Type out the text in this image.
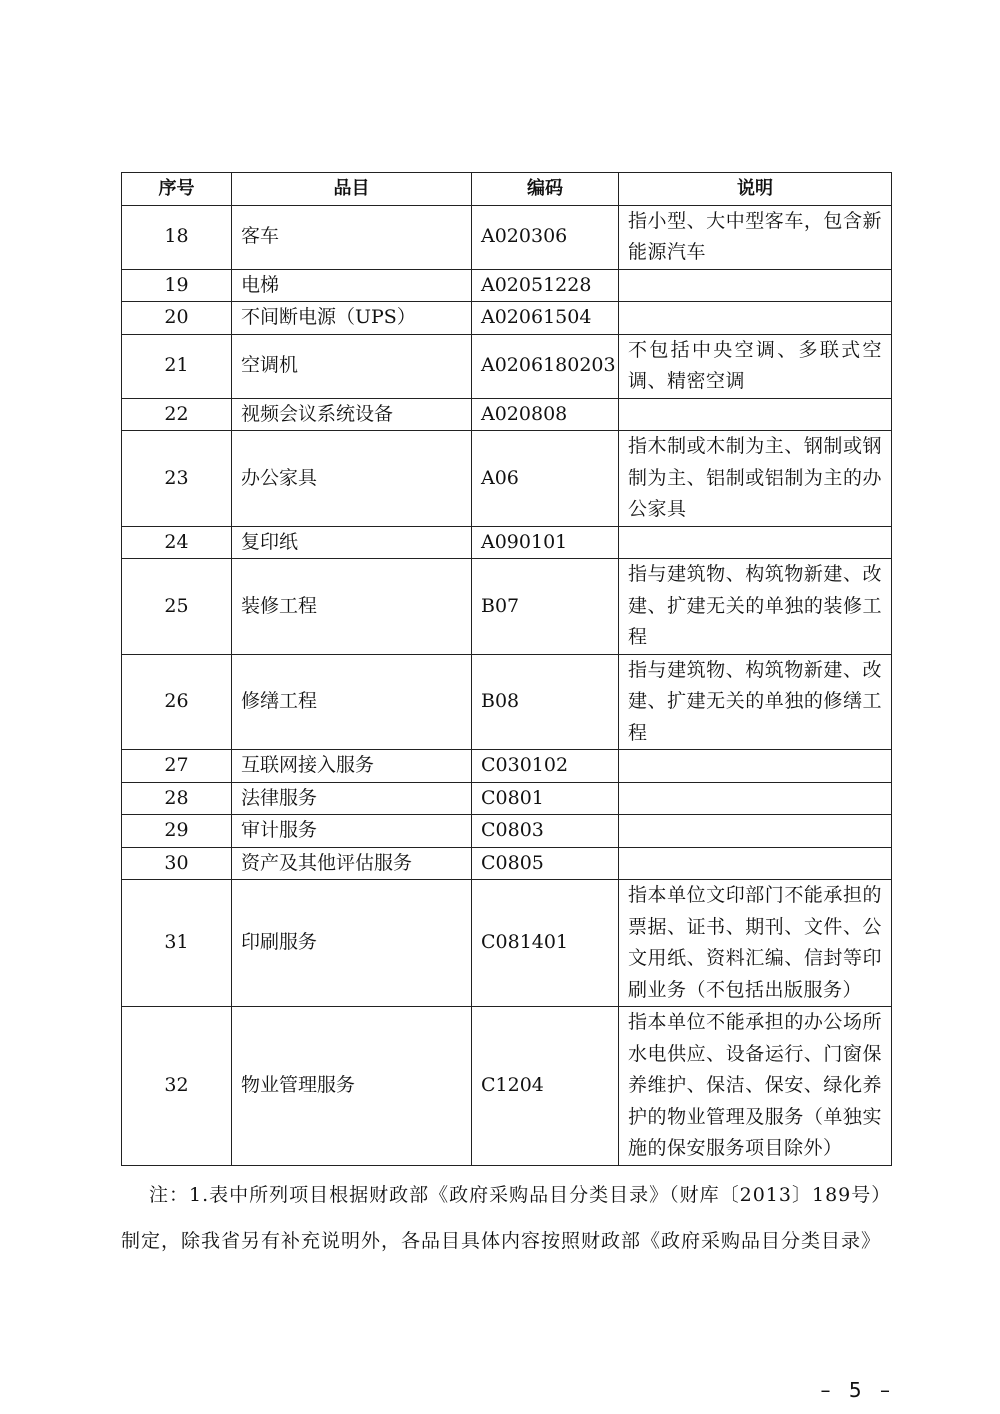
序号	品目	编码	说明
18	客车	A020306	指小型、大中型客车，包含新能源汽车
19	电梯	A02051228	
20	不间断电源（UPS）	A02061504	
21	空调机	A0206180203	不包括中央空调、多联式空调、精密空调
22	视频会议系统设备	A020808	
23	办公家具	A06	指木制或木制为主、钢制或钢制为主、铝制或铝制为主的办公家具
24	复印纸	A090101	
25	装修工程	B07	指与建筑物、构筑物新建、改建、扩建无关的单独的装修工程
26	修缮工程	B08	指与建筑物、构筑物新建、改建、扩建无关的单独的修缮工程
27	互联网接入服务	C030102	
28	法律服务	C0801	
29	审计服务	C0803	
30	资产及其他评估服务	C0805	
31	印刷服务	C081401	指本单位文印部门不能承担的票据、证书、期刊、文件、公文用纸、资料汇编、信封等印刷业务（不包括出版服务）
32	物业管理服务	C1204	指本单位不能承担的办公场所水电供应、设备运行、门窗保养维护、保洁、保安、绿化养护的物业管理及服务（单独实施的保安服务项目除外）
注：1.表中所列项目根据财政部《政府采购品目分类目录》（财库〔2013〕189号）
制定，除我省另有补充说明外，各品目具体内容按照财政部《政府采购品目分类目录》
– 5 –
